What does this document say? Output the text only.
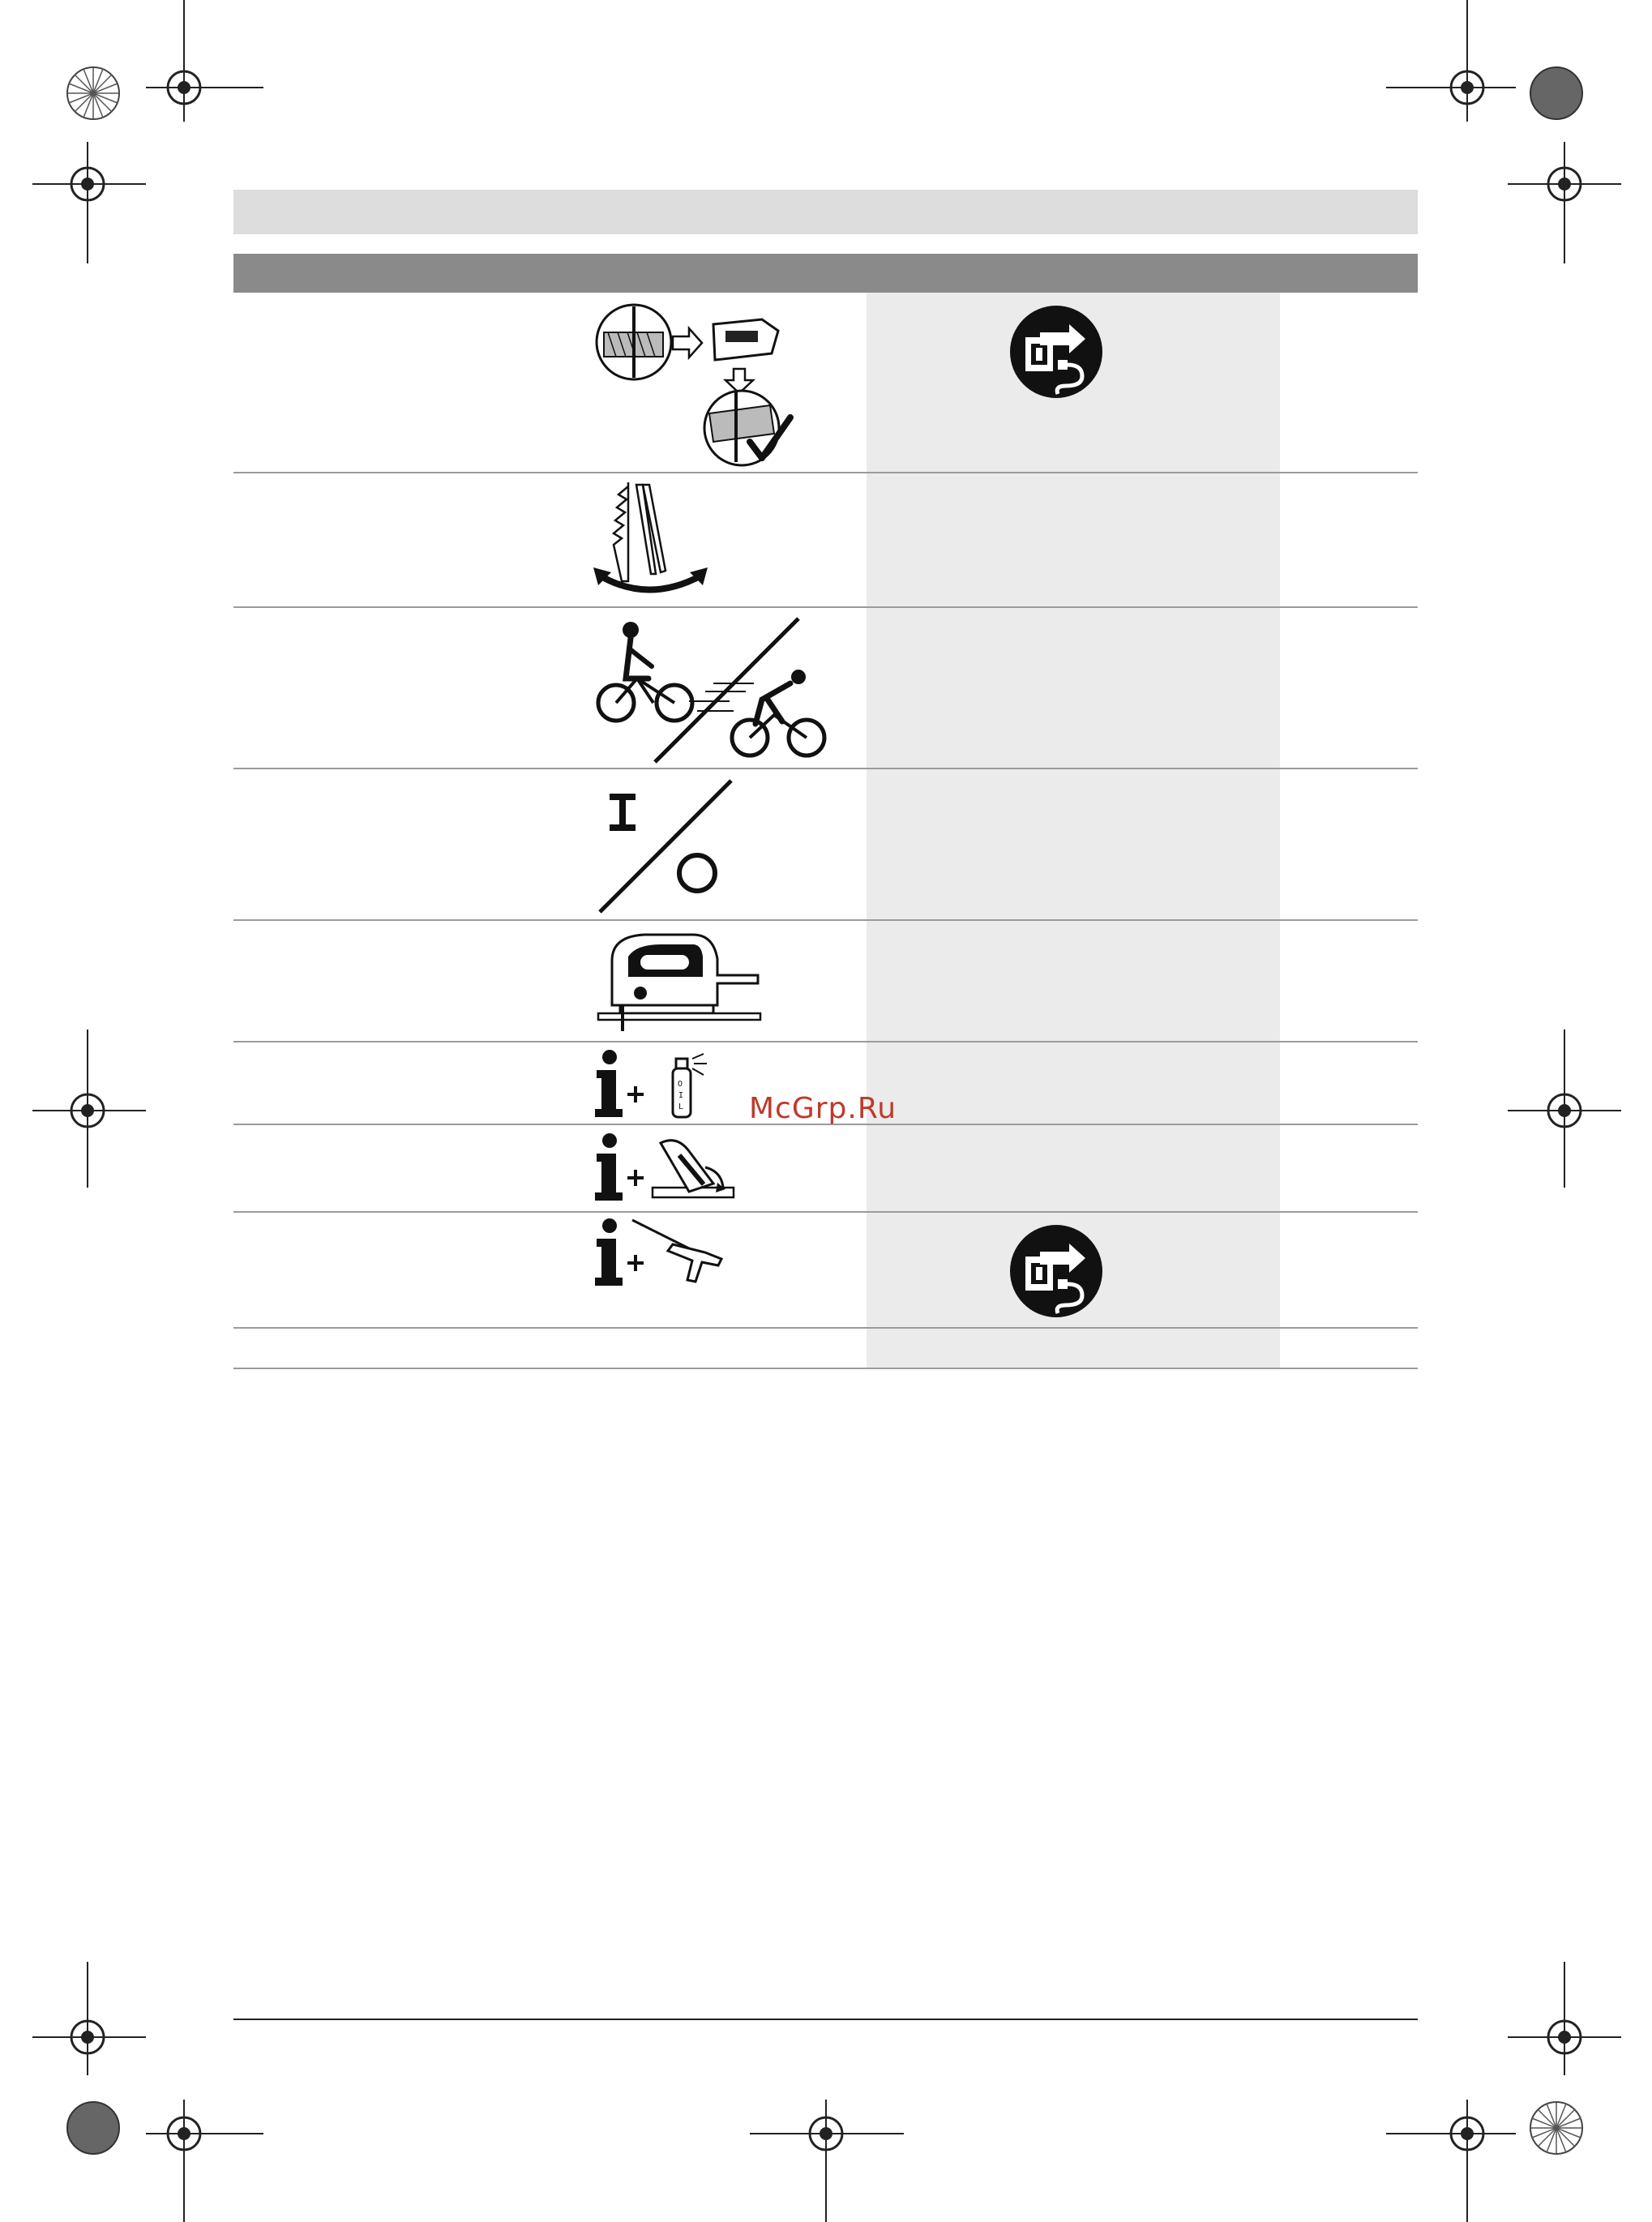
O
I
L McGrp.Ru
